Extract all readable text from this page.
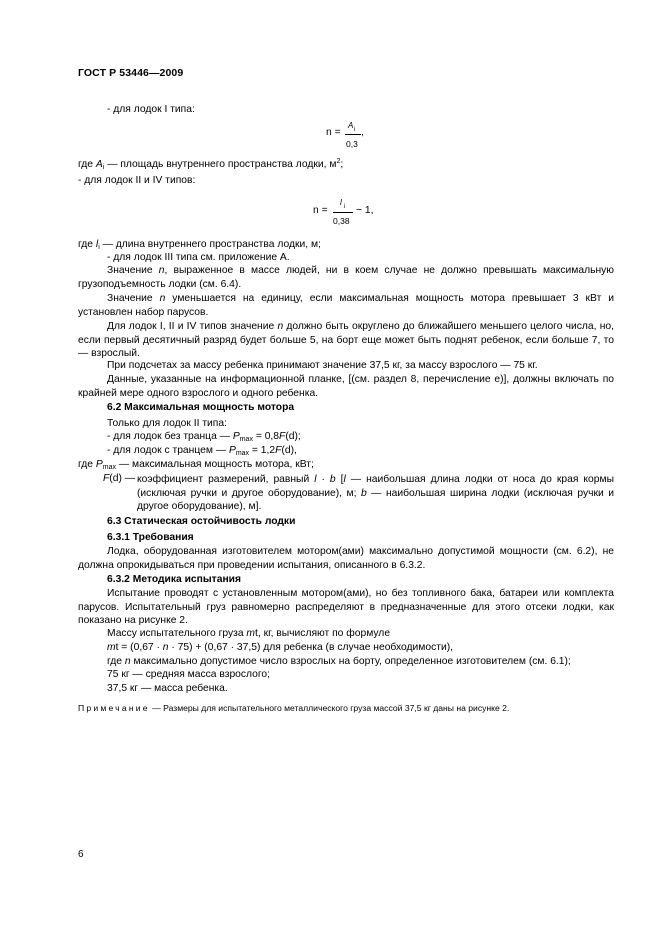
ГОСТ Р 53446—2009
- для лодок I типа:
n =
A i
0,3
,
где $A_i$ — площадь внутреннего пространства лодки, $м^2$;
- для лодок II и IV типов:
n =
l i
0,38
− 1,
где $l_i$ — длина внутреннего пространства лодки, м;
- для лодок III типа см. приложение А.
Значение n, выраженное в массе людей, ни в коем случае не должно превышать максимальную грузоподъемность лодки (см. 6.4).
Значение n уменьшается на единицу, если максимальная мощность мотора превышает 3 кВт и установлен набор парусов.
Для лодок I, II и IV типов значение n должно быть округлено до ближайшего меньшего целого числа, но, если первый десятичный разряд будет больше 5, на борт еще может быть поднят ребенок, если больше 7, то — взрослый.
При подсчетах за массу ребенка принимают значение 37,5 кг, за массу взрослого — 75 кг.
Данные, указанные на информационной планке, [(см. раздел 8, перечисление е)], должны включать по крайней мере одного взрослого и одного ребенка.
6.2 Максимальная мощность мотора
Только для лодок II типа:
- для лодок без транца — $P_{max} = 0,8F(d)$;
- для лодок с транцем — $P_{max} = 1,2F(d)$,
где $P_{max}$ — максимальная мощность мотора, кВт;
F(d) — коэффициент размерений, равный l · b [l — наибольшая длина лодки от носа до края кормы (исключая ручки и другое оборудование), м; b — наибольшая ширина лодки (исключая ручки и другое оборудование), м].
6.3 Статическая остойчивость лодки
6.3.1 Требования
Лодка, оборудованная изготовителем мотором(ами) максимально допустимой мощности (см. 6.2), не должна опрокидываться при проведении испытания, описанного в 6.3.2.
6.3.2 Методика испытания
Испытание проводят с установленным мотором(ами), но без топливного бака, батареи или комплекта парусов. Испытательный груз равномерно распределяют в предназначенные для этого отсеки лодки, как показано на рисунке 2.
Массу испытательного груза mt, кг, вычисляют по формуле
mt = (0,67 · n · 75) + (0,67 · 37,5) для ребенка (в случае необходимости),
где n максимально допустимое число взрослых на борту, определенное изготовителем (см. 6.1);
75 кг — средняя масса взрослого;
37,5 кг — масса ребенка.
Примечание — Размеры для испытательного металлического груза массой 37,5 кг даны на рисунке 2.
6
